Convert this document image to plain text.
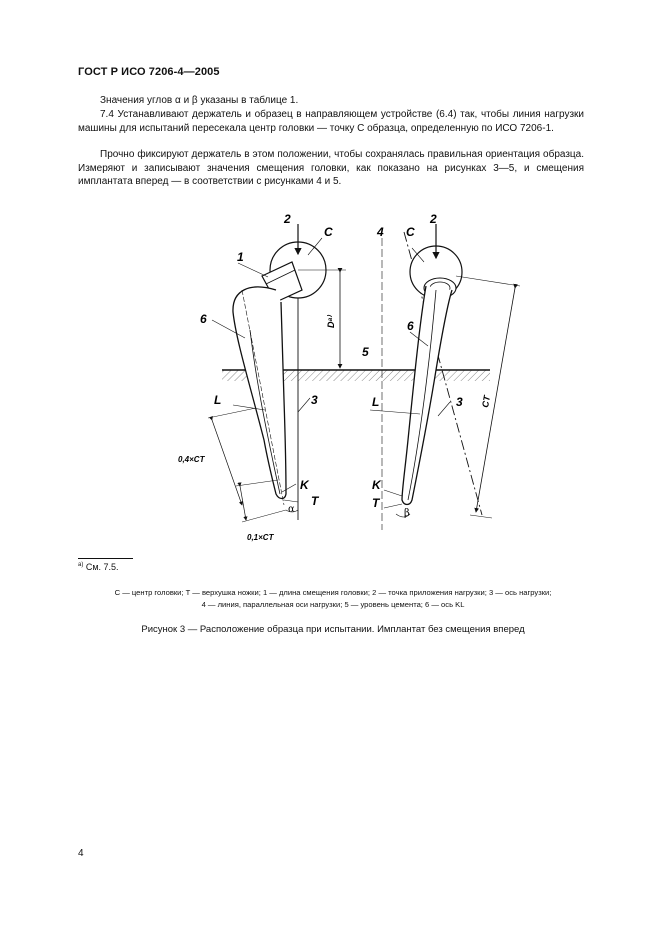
ГОСТ Р ИСО 7206-4—2005
Значения углов α и β указаны в таблице 1.
7.4 Устанавливают держатель и образец в направляющем устройстве (6.4) так, чтобы линия нагрузки машины для испытаний пересекала центр головки — точку C образца, определенную по ИСО 7206-1.
Прочно фиксируют держатель в этом положении, чтобы сохранялась правильная ориентация образца. Измеряют и записывают значения смещения головки, как показано на рисунках 3—5, и смещения имплантата вперед — в соответствии с рисунками 4 и 5.
1
2	2
C	C
4
6	6
5
L	L
3	3
K	K
T	T
α	β
0,4×CT
0,1×CT
CT
Dᵃ⁾
$^{a)}$ См. 7.5.
C — центр головки; T — верхушка ножки; 1 — длина смещения головки; 2 — точка приложения нагрузки; 3 — ось нагрузки;
4 — линия, параллельная оси нагрузки; 5 — уровень цемента; 6 — ось KL
Рисунок 3 — Расположение образца при испытании. Имплантат без смещения вперед
4
